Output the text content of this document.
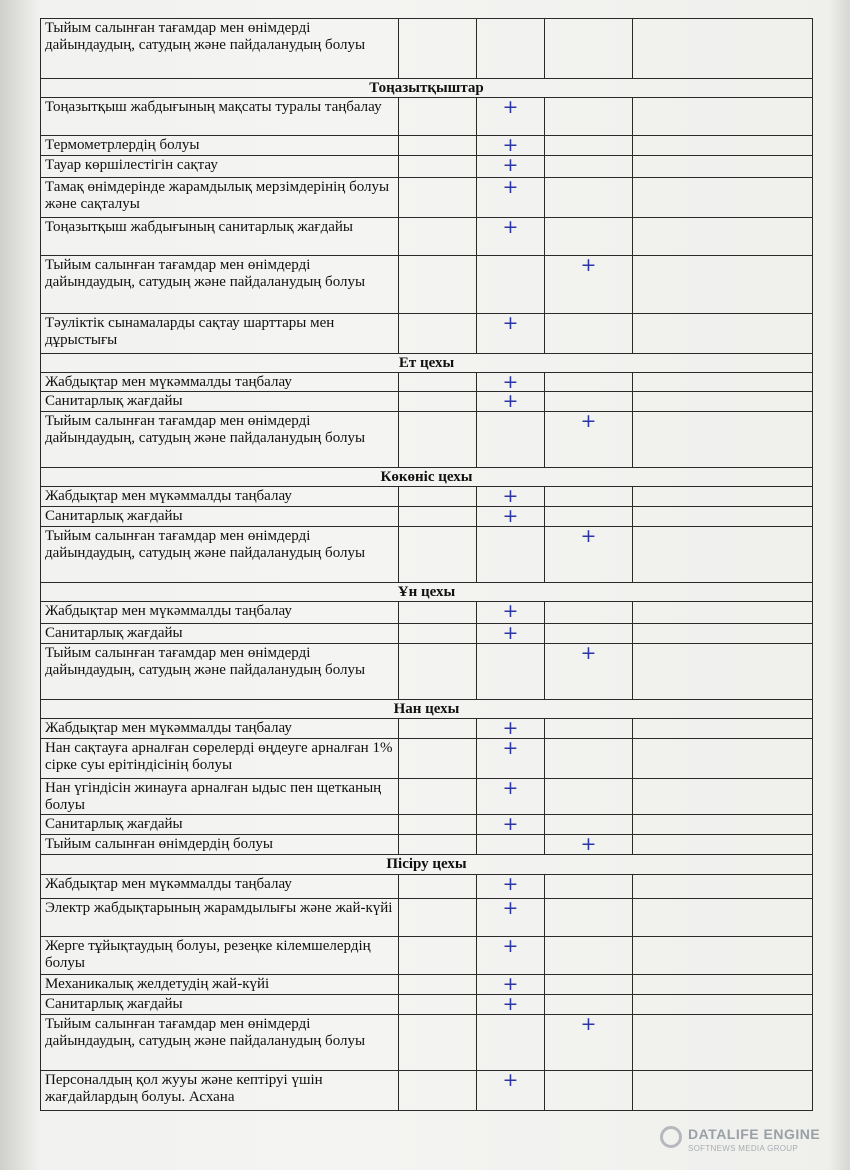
Тыйым салынған тағамдар мен өнімдерді дайындаудың, сатудың және пайдаланудың болуы				
Тоңазытқыштар				
Тоңазытқыш жабдығының мақсаты туралы таңбалау		+		
Термометрлердің болуы		+		
Тауар көршілестігін сақтау		+		
Тамақ өнімдерінде жарамдылық мерзімдерінің болуы және сақталуы		+		
Тоңазытқыш жабдығының санитарлық жағдайы		+		
Тыйым салынған тағамдар мен өнімдерді дайындаудың, сатудың және пайдаланудың болуы			+	
Тәуліктік сынамаларды сақтау шарттары мен дұрыстығы		+		
Ет цехы				
Жабдықтар мен мүкәммалды таңбалау		+		
Санитарлық жағдайы		+		
Тыйым салынған тағамдар мен өнімдерді дайындаудың, сатудың және пайдаланудың болуы			+	
Көкөніс цехы				
Жабдықтар мен мүкәммалды таңбалау		+		
Санитарлық жағдайы		+		
Тыйым салынған тағамдар мен өнімдерді дайындаудың, сатудың және пайдаланудың болуы			+	
Ұн цехы				
Жабдықтар мен мүкәммалды таңбалау		+		
Санитарлық жағдайы		+		
Тыйым салынған тағамдар мен өнімдерді дайындаудың, сатудың және пайдаланудың болуы			+	
Нан цехы				
Жабдықтар мен мүкәммалды таңбалау		+		
Нан сақтауға арналған сөрелерді өңдеуге арналған 1% сірке суы ерітіндісінің болуы		+		
Нан үгіндісін жинауға арналған ыдыс пен щетканың болуы		+		
Санитарлық жағдайы		+		
Тыйым салынған өнімдердің болуы			+	
Пісіру цехы				
Жабдықтар мен мүкәммалды таңбалау		+		
Электр жабдықтарының жарамдылығы және жай-күйі		+		
Жерге тұйықтаудың болуы, резеңке кілемшелердің болуы		+		
Механикалық желдетудің жай-күйі		+		
Санитарлық жағдайы		+		
Тыйым салынған тағамдар мен өнімдерді дайындаудың, сатудың және пайдаланудың болуы			+	
Персоналдың қол жууы және кептіруі үшін жағдайлардың болуы. Асхана		+		
DATALIFE ENGINE
SOFTNEWS MEDIA GROUP
